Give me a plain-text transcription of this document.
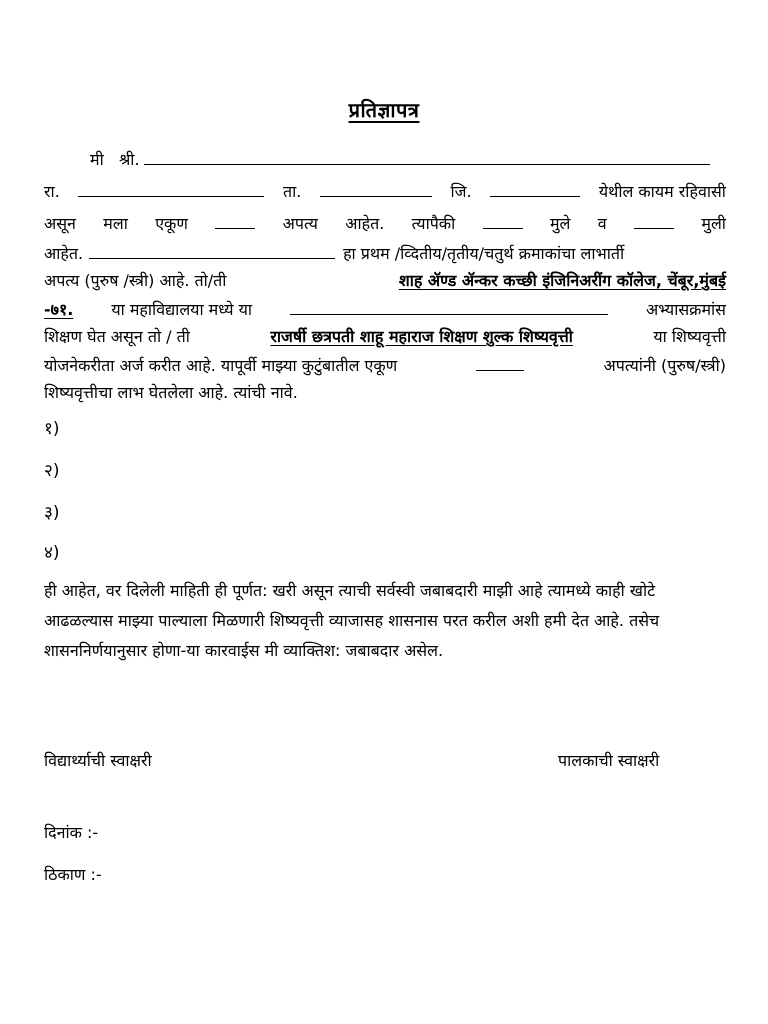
प्रतिज्ञापत्र
मी   श्री.
रा.	ता.	जि.	येथील कायम रहिवासी
असून मला एकूण	अपत्य आहेत. त्यापैकी	मुले व	मुली
आहेत.	हा प्रथम /व्दितीय/तृतीय/चतुर्थ क्रमाकांचा लाभार्ती
अपत्य (पुरुष /स्त्री) आहे. तो/ती	शाह ॲण्ड ॲन्कर कच्छी इंजिनिअरींग कॉलेज, चेंबूर,मुंबई
-७१. या महाविद्यालया मध्ये या	अभ्यासक्रमांस
शिक्षण घेत असून तो / ती	राजर्षी छत्रपती शाहू महाराज शिक्षण शुल्क शिष्यवृत्ती	या शिष्यवृत्ती
योजनेकरीता अर्ज करीत आहे. यापूर्वी माझ्या कुटुंबातील एकूण	अपत्यांनी (पुरुष/स्त्री)
शिष्यवृत्तीचा लाभ घेतलेला आहे. त्यांची नावे.
१)
२)
३)
४)
ही आहेत, वर दिलेली माहिती ही पूर्णत: खरी असून त्याची सर्वस्वी जबाबदारी माझी आहे त्यामध्ये काही खोटे आढळल्यास माझ्या पाल्याला मिळणारी शिष्यवृत्ती व्याजासह शासनास परत करील अशी हमी देत आहे. तसेच शासननिर्णयानुसार होणा-या कारवाईस मी व्याक्तिश: जबाबदार असेल.
विद्यार्थ्याची स्वाक्षरी	पालकाची स्वाक्षरी
दिनांक :-
ठिकाण :-
